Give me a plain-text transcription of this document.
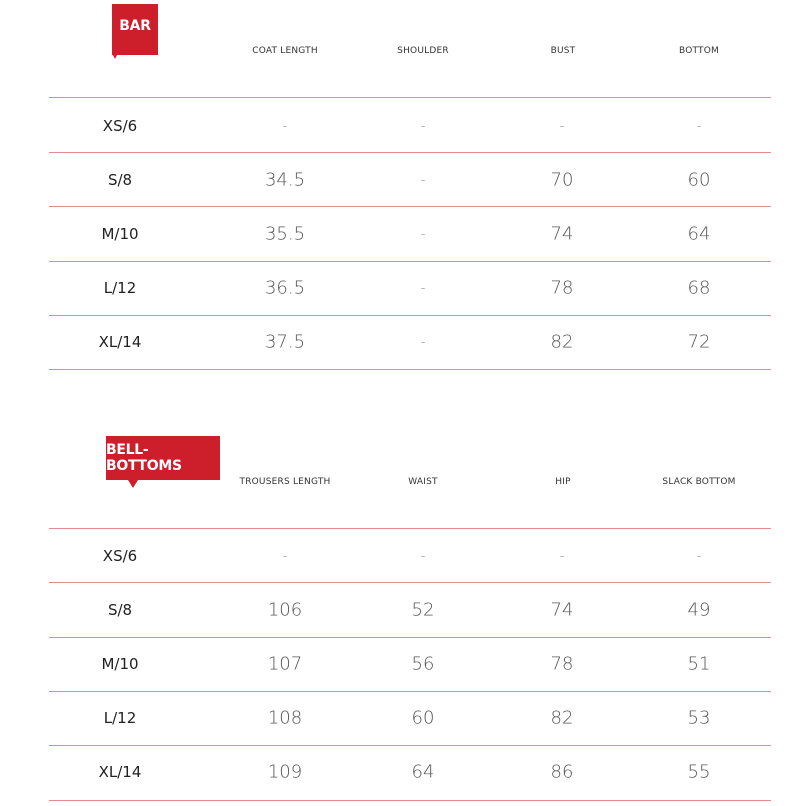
BAR
COAT LENGTH	SHOULDER	BUST	BOTTOM
XS/6	-	-	-	-
S/8	34.5	-	70	60
M/10	35.5	-	74	64
L/12	36.5	-	78	68
XL/14	37.5	-	82	72
BELL-BOTTOMS
TROUSERS LENGTH	WAIST	HIP	SLACK BOTTOM
XS/6	-	-	-	-
S/8	106	52	74	49
M/10	107	56	78	51
L/12	108	60	82	53
XL/14	109	64	86	55
